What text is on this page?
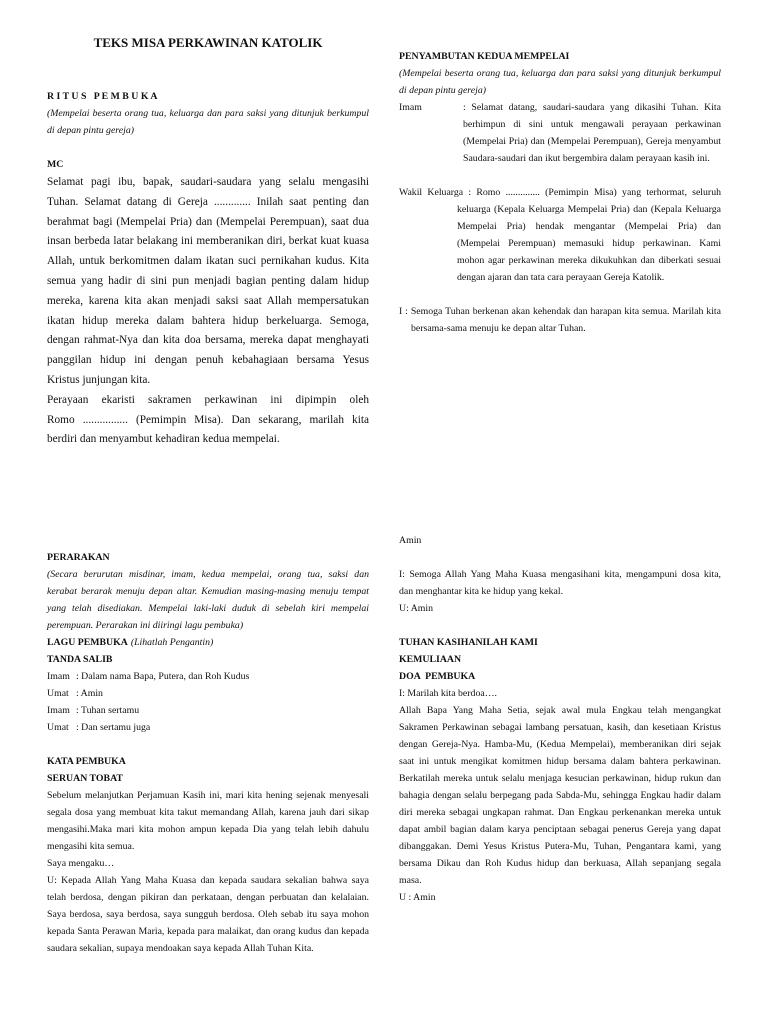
TEKS MISA PERKAWINAN KATOLIK
R I T U S   P E M B U K A
(Mempelai beserta orang tua, keluarga dan para saksi yang ditunjuk berkumpul
di depan pintu gereja)
MC
Selamat pagi ibu, bapak, saudari-saudara yang selalu mengasihi
Tuhan. Selamat datang di Gereja ............. Inilah saat penting dan
berahmat bagi (Mempelai Pria) dan (Mempelai Perempuan), saat dua
insan berbeda latar belakang ini memberanikan diri, berkat kuat kuasa
Allah, untuk berkomitmen dalam ikatan suci pernikahan kudus. Kita
semua yang hadir di sini pun menjadi bagian penting dalam hidup
mereka, karena kita akan menjadi saksi saat Allah mempersatukan
ikatan hidup mereka dalam bahtera hidup berkeluarga. Semoga,
dengan rahmat-Nya dan kita doa bersama, mereka dapat menghayati
panggilan hidup ini dengan penuh kebahagiaan bersama Yesus
Kristus junjungan kita.
Perayaan ekaristi sakramen perkawinan ini dipimpin oleh
Romo ................ (Pemimpin Misa). Dan sekarang, marilah kita
berdiri dan menyambut kehadiran kedua mempelai.
PENYAMBUTAN KEDUA MEMPELAI
(Mempelai beserta orang tua, keluarga dan para saksi yang ditunjuk berkumpul
di depan pintu gereja)
Imam	: Selamat datang, saudari-saudara yang dikasihi Tuhan. Kita
berhimpun di sini untuk mengawali perayaan perkawinan
(Mempelai Pria) dan (Mempelai Perempuan), Gereja menyambut
Saudara-saudari dan ikut bergembira dalam perayaan kasih ini.
Wakil Keluarga : Romo .............. (Pemimpin Misa) yang terhormat, seluruh
keluarga (Kepala Keluarga Mempelai Pria) dan (Kepala Keluarga
Mempelai Pria) hendak mengantar (Mempelai Pria) dan
(Mempelai Perempuan) memasuki hidup perkawinan. Kami
mohon agar perkawinan mereka dikukuhkan dan diberkati sesuai
dengan ajaran dan tata cara perayaan Gereja Katolik.
I : Semoga Tuhan berkenan akan kehendak dan harapan kita semua. Marilah kita
bersama-sama menuju ke depan altar Tuhan.
PERARAKAN
(Secara berurutan misdinar, imam, kedua mempelai, orang tua, saksi dan
kerabat berarak menuju depan altar. Kemudian masing-masing menuju tempat
yang telah disediakan. Mempelai laki-laki duduk di sebelah kiri mempelai
perempuan. Perarakan ini diiringi lagu pembuka)
LAGU PEMBUKA (Lihatlah Pengantin)
TANDA SALIB
Imam : Dalam nama Bapa, Putera, dan Roh Kudus
Umat : Amin
Imam : Tuhan sertamu
Umat : Dan sertamu juga
KATA PEMBUKA
SERUAN TOBAT
Sebelum melanjutkan Perjamuan Kasih ini, mari kita hening sejenak menyesali
segala dosa yang membuat kita takut memandang Allah, karena jauh dari sikap
mengasihi.Maka mari kita mohon ampun kepada Dia yang telah lebih dahulu
mengasihi kita semua.
Saya mengaku…
U: Kepada Allah Yang Maha Kuasa dan kepada saudara sekalian bahwa saya
telah berdosa, dengan pikiran dan perkataan, dengan perbuatan dan kelalaian.
Saya berdosa, saya berdosa, saya sungguh berdosa. Oleh sebab itu saya mohon
kepada Santa Perawan Maria, kepada para malaikat, dan orang kudus dan kepada
saudara sekalian, supaya mendoakan saya kepada Allah Tuhan Kita.
Amin
I: Semoga Allah Yang Maha Kuasa mengasihani kita, mengampuni dosa kita,
dan menghantar kita ke hidup yang kekal.
U: Amin
TUHAN KASIHANILAH KAMI
KEMULIAAN
DOA  PEMBUKA
I: Marilah kita berdoa….
Allah Bapa Yang Maha Setia, sejak awal mula Engkau telah mengangkat
Sakramen Perkawinan sebagai lambang persatuan, kasih, dan kesetiaan Kristus
dengan Gereja-Nya. Hamba-Mu, (Kedua Mempelai), memberanikan diri sejak
saat ini untuk mengikat komitmen hidup bersama dalam bahtera perkawinan.
Berkatilah mereka untuk selalu menjaga kesucian perkawinan, hidup rukun dan
bahagia dengan selalu berpegang pada Sabda-Mu, sehingga Engkau hadir dalam
diri mereka sebagai ungkapan rahmat. Dan Engkau perkenankan mereka untuk
dapat ambil bagian dalam karya penciptaan sebagai penerus Gereja yang dapat
dibanggakan. Demi Yesus Kristus Putera-Mu, Tuhan, Pengantara kami, yang
bersama Dikau dan Roh Kudus hidup dan berkuasa, Allah sepanjang segala
masa.
U : Amin
